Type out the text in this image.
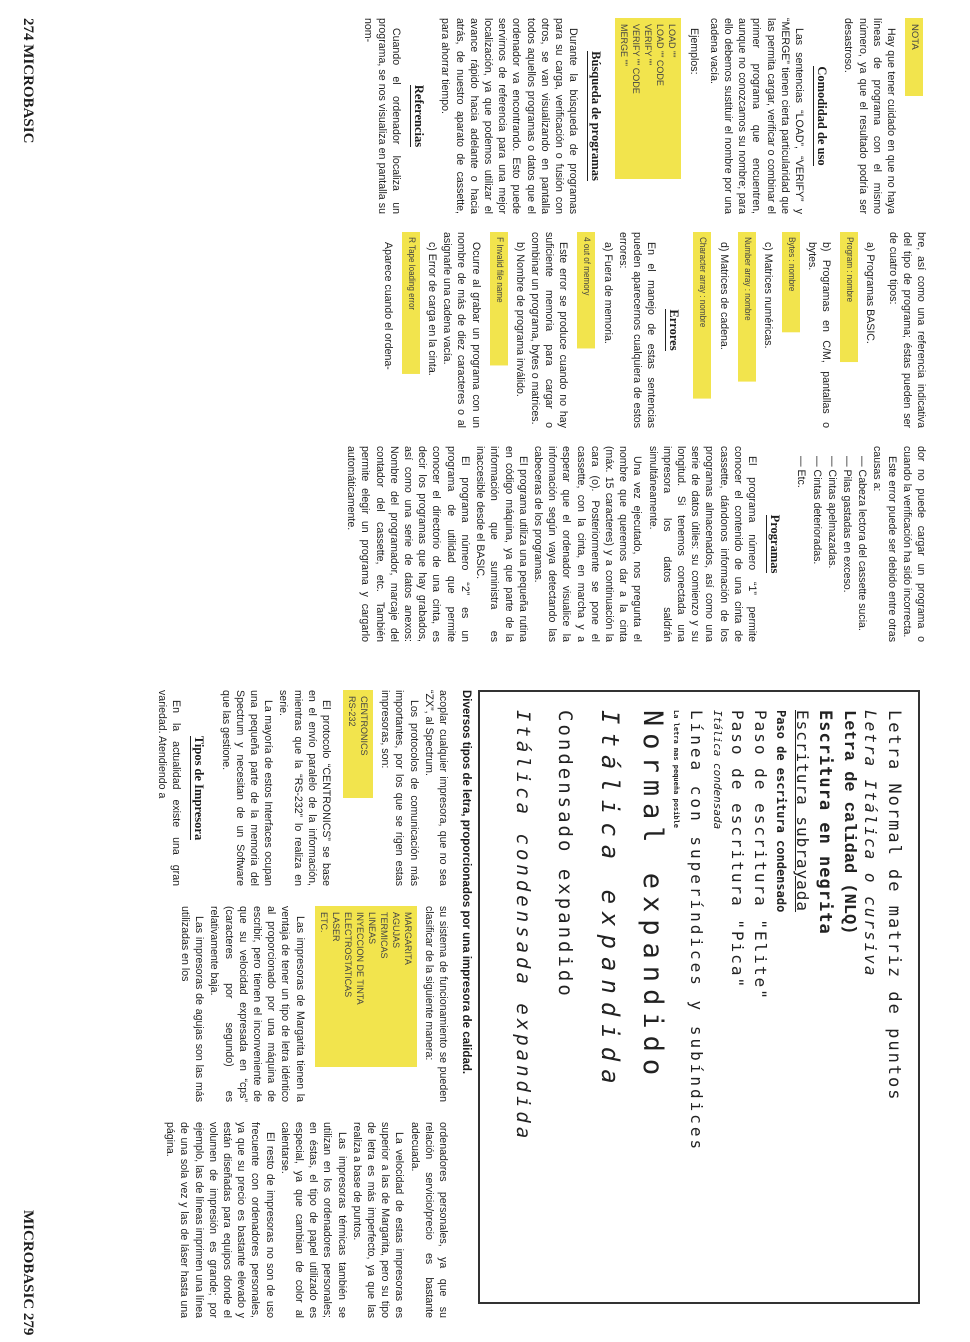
NOTA

Hay que tener cuidado en que no haya líneas de programa con el mismo número, ya que el resultado podría ser desastroso.

Comodidad de uso

Las sentencias “LOAD”, “VERIFY” y “MERGE” tienen cierta particularidad que las permita cargar, verificar o combinar el primer programa que encuentren, aunque no conozcamos su nombre; para ello debemos sustituir el nombre por una cadena vacía.

Ejemplos:

LOAD ""
LOAD "" CODE
VERIFY ""
VERIFY "" CODE
MERGE ""
Búsqueda de programas

Durante la búsqueda de programas para su carga, verificación o fusión con otros, se van visualizando en pantalla todos aquellos programas o datos que el ordenador va encontrando. Esto puede servirnos de referencia para una mejor localización, ya que podemos utilizar el avance rápido hacia adelante o hacia atrás, de nuestro aparato de cassette, para ahorrar tiempo.

Referencias

Cuando el ordenador localiza un programa, se nos visualiza en pantalla su nom-

bre, así como una referencia indicativa del tipo de programa; éstas pueden ser de cuatro tipos:

a) Programas BASIC.

Program : nombre

b) Programas en C/M, pantallas o bytes.

Bytes : nombre

c) Matrices numéricas.

Number array : nombre

d) Matrices de cadena.

Character array : nombre
Errores

En el manejo de estas sentencias pueden aparecernos cualquiera de estos errores:

a) Fuera de memoria.

4 out of memory

Este error se produce cuando no hay suficiente memoria para cargar o combinar un programa, bytes o matrices.

b) Nombre de programa inválido.

F Invalid file name

Ocurre al grabar un programa con un nombre de más de diez caracteres o al asignarle una cadena vacía.

c) Error de carga en la cinta.

R Tape loading error

Aparece cuando el ordena-

dor no puede cargar un programa o cuando la verificación ha sido incorrecta.

Este error puede ser debido entre otras causas a:

— Cabeza lectora del cassette sucia.

— Pilas gastadas en exceso.

— Cintas apelmazadas.

— Cintas deterioradas.

— Etc.

Programas

El programa número “1” permite conocer el contenido de una cinta de cassette, dándonos información de los programas almacenados, así como una serie de datos útiles: su comienzo y su longitud. Si tenemos conectada una impresora los datos saldrán simultáneamente.

Una vez ejecutado, nos pregunta el nombre que queremos dar a la cinta (máx. 15 caracteres) y a continuación la cara (o). Posteriormente se pone el cassette, con la cinta, en marcha y a esperar que el ordenador visualice la información según vaya detectando las cabeceras de los programas.

El programa utiliza una pequeña rutina en código máquina, ya que parte de la información que suministra es inaccesible desde el BASIC.

El programa número “2” es un programa de utilidad que permite conocer el directorio de una cinta, es decir los programas que hay grabados, así como una serie de datos anexos: Nombre del programador, marcaje del contador del cassette, etc. También permite elegir un programa y cargarlo automáticamente.

274 MICROBASIC
Letra Normal de matriz de puntos
Letra Itálica o cursiva
Letra de calidad (NLQ)
Escritura en negrita
Escritura subrayada
Paso de escritura condensado
Paso de escritura "Elite"
Paso de escritura "Pica"
Itálica condensada
Línea con superíndices y subíndices
La letra mas pequeña posible
Normal expandido
Itálica expandida
Condensado expandido
Itálica condensada expandida
Diversos tipos de letra, proporcionados por una impresora de calidad.

acoplar cualquier impresora, que no sea “ZX”, al Spectrum.

Los protocolos de comunicación más importantes, por los que se rigen estas impresoras, son:

CENTRONICS
RS-232

El protocolo “CENTRONICS” se base en el envío paralelo de la información, mientras que la “RS-232” lo realiza en serie.

La mayoría de estos Interfaces ocupan una pequeña parte de la memoria del Spectrum y necesitan de un Software que las gestione.

Tipos de Impresora

En la actualidad existe una gran variedad. Atendiendo a

su sistema de funcionamiento se pueden clasificar de la siguiente manera:

MARGARITA
AGUJAS
TERMICAS
LINEAS
INYECCION DE TINTA
ELECTROSTATICAS
LASER
ETC.

Las impresoras de Margarita tienen la ventaja de tener un tipo de letra idéntico al proporcionado por una máquina de escribir, pero tienen el inconveniente de que su velocidad expresada en “cps” (caracteres por segundo) es relativamente baja.

Las impresoras de agujas son las más utilizadas en los

ordenadores personales, ya que su relación servicio/precio es bastante adecuada.

La velocidad de estas impresoras es superior a las de Margarita, pero su tipo de letra es más imperfecto, ya que las realiza a base de puntos.

Las impresoras térmicas también se utilizan en los ordenadores personales; en éstas, el tipo de papel utilizado es especial, ya que cambian de color al calentarse.

El resto de impresoras no son de uso frecuente con ordenadores personales, ya que su precio es bastante elevado y están diseñadas para equipos donde el volumen de impresión es grande; por ejemplo, las de líneas imprimen una línea de una sola vez y las de láser hasta una página.

MICROBASIC 279
